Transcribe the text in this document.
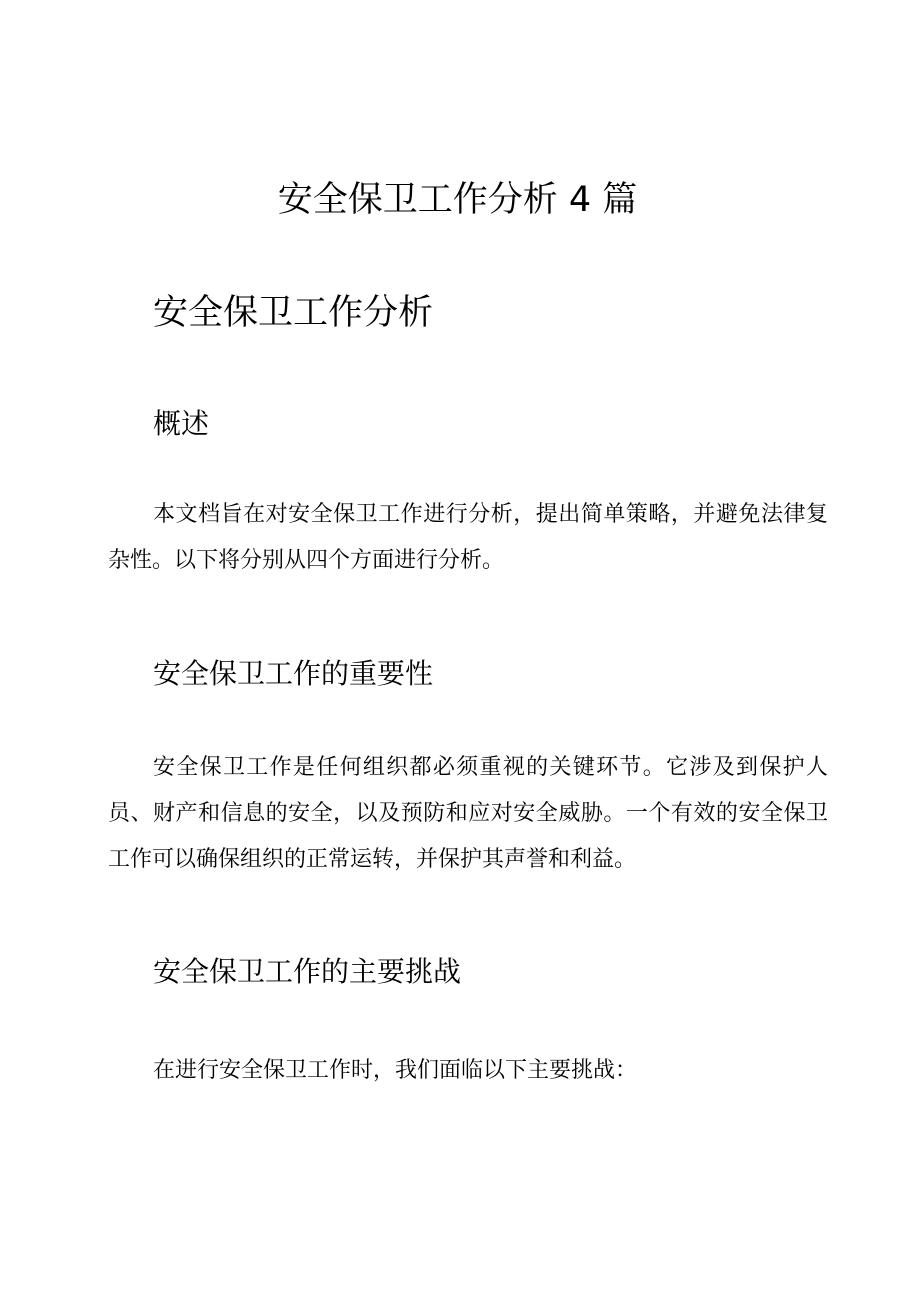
安全保卫工作分析 4 篇
安全保卫工作分析
概述

本文档旨在对安全保卫工作进行分析，提出简单策略，并避免法律复杂性。以下将分别从四个方面进行分析。

安全保卫工作的重要性

安全保卫工作是任何组织都必须重视的关键环节。它涉及到保护人员、财产和信息的安全，以及预防和应对安全威胁。一个有效的安全保卫工作可以确保组织的正常运转，并保护其声誉和利益。

安全保卫工作的主要挑战

在进行安全保卫工作时，我们面临以下主要挑战：
